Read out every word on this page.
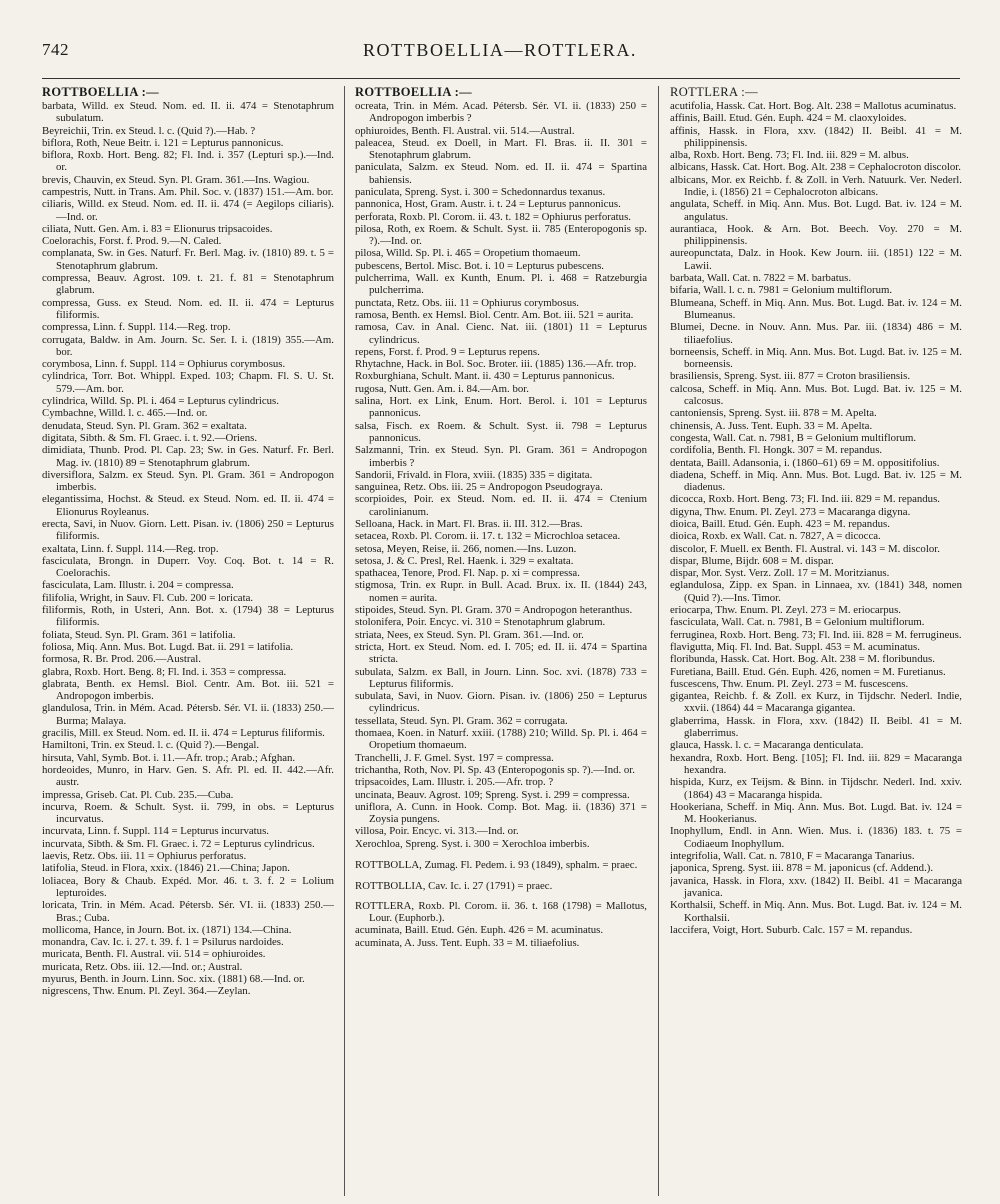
742	ROTTBOELLIA—ROTTLERA.
ROTTBOELLIA :—
barbata, Willd. ex Steud. Nom. ed. II. ii. 474 = Stenotaphrum subulatum.
Beyreichii, Trin. ex Steud. l. c. (Quid ?).—Hab. ?
biflora, Roth, Neue Beitr. i. 121 = Lepturus pannonicus.
biflora, Roxb. Hort. Beng. 82; Fl. Ind. i. 357 (Lepturi sp.).—Ind. or.
brevis, Chauvin, ex Steud. Syn. Pl. Gram. 361.—Ins. Wagiou.
campestris, Nutt. in Trans. Am. Phil. Soc. v. (1837) 151.—Am. bor.
ciliaris, Willd. ex Steud. Nom. ed. II. ii. 474 (= Aegilops ciliaris).—Ind. or.
ciliata, Nutt. Gen. Am. i. 83 = Elionurus tripsacoides.
Coelorachis, Forst. f. Prod. 9.—N. Caled.
complanata, Sw. in Ges. Naturf. Fr. Berl. Mag. iv. (1810) 89. t. 5 = Stenotaphrum glabrum.
compressa, Beauv. Agrost. 109. t. 21. f. 81 = Stenotaphrum glabrum.
compressa, Guss. ex Steud. Nom. ed. II. ii. 474 = Lepturus filiformis.
compressa, Linn. f. Suppl. 114.—Reg. trop.
corrugata, Baldw. in Am. Journ. Sc. Ser. I. i. (1819) 355.—Am. bor.
corymbosa, Linn. f. Suppl. 114 = Ophiurus corymbosus.
cylindrica, Torr. Bot. Whippl. Exped. 103; Chapm. Fl. S. U. St. 579.—Am. bor.
cylindrica, Willd. Sp. Pl. i. 464 = Lepturus cylindricus.
Cymbachne, Willd. l. c. 465.—Ind. or.
denudata, Steud. Syn. Pl. Gram. 362 = exaltata.
digitata, Sibth. & Sm. Fl. Graec. i. t. 92.—Oriens.
dimidiata, Thunb. Prod. Pl. Cap. 23; Sw. in Ges. Naturf. Fr. Berl. Mag. iv. (1810) 89 = Stenotaphrum glabrum.
diversiflora, Salzm. ex Steud. Syn. Pl. Gram. 361 = Andropogon imberbis.
elegantissima, Hochst. & Steud. ex Steud. Nom. ed. II. ii. 474 = Elionurus Royleanus.
erecta, Savi, in Nuov. Giorn. Lett. Pisan. iv. (1806) 250 = Lepturus filiformis.
exaltata, Linn. f. Suppl. 114.—Reg. trop.
fasciculata, Brongn. in Duperr. Voy. Coq. Bot. t. 14 = R. Coelorachis.
fasciculata, Lam. Illustr. i. 204 = compressa.
filifolia, Wright, in Sauv. Fl. Cub. 200 = loricata.
filiformis, Roth, in Usteri, Ann. Bot. x. (1794) 38 = Lepturus filiformis.
foliata, Steud. Syn. Pl. Gram. 361 = latifolia.
foliosa, Miq. Ann. Mus. Bot. Lugd. Bat. ii. 291 = latifolia.
formosa, R. Br. Prod. 206.—Austral.
glabra, Roxb. Hort. Beng. 8; Fl. Ind. i. 353 = compressa.
glabrata, Benth. ex Hemsl. Biol. Centr. Am. Bot. iii. 521 = Andropogon imberbis.
glandulosa, Trin. in Mém. Acad. Pétersb. Sér. VI. ii. (1833) 250.—Burma; Malaya.
gracilis, Mill. ex Steud. Nom. ed. II. ii. 474 = Lepturus filiformis.
Hamiltoni, Trin. ex Steud. l. c. (Quid ?).—Bengal.
hirsuta, Vahl, Symb. Bot. i. 11.—Afr. trop.; Arab.; Afghan.
hordeoides, Munro, in Harv. Gen. S. Afr. Pl. ed. II. 442.—Afr. austr.
impressa, Griseb. Cat. Pl. Cub. 235.—Cuba.
incurva, Roem. & Schult. Syst. ii. 799, in obs. = Lepturus incurvatus.
incurvata, Linn. f. Suppl. 114 = Lepturus incurvatus.
incurvata, Sibth. & Sm. Fl. Graec. i. 72 = Lepturus cylindricus.
laevis, Retz. Obs. iii. 11 = Ophiurus perforatus.
latifolia, Steud. in Flora, xxix. (1846) 21.—China; Japon.
loliacea, Bory & Chaub. Expéd. Mor. 46. t. 3. f. 2 = Lolium lepturoides.
loricata, Trin. in Mém. Acad. Pétersb. Sér. VI. ii. (1833) 250.—Bras.; Cuba.
mollicoma, Hance, in Journ. Bot. ix. (1871) 134.—China.
monandra, Cav. Ic. i. 27. t. 39. f. 1 = Psilurus nardoides.
muricata, Benth. Fl. Austral. vii. 514 = ophiuroides.
muricata, Retz. Obs. iii. 12.—Ind. or.; Austral.
myurus, Benth. in Journ. Linn. Soc. xix. (1881) 68.—Ind. or.
nigrescens, Thw. Enum. Pl. Zeyl. 364.—Zeylan.
ROTTBOELLIA :—
ocreata, Trin. in Mém. Acad. Pétersb. Sér. VI. ii. (1833) 250 = Andropogon imberbis ?
ophiuroides, Benth. Fl. Austral. vii. 514.—Austral.
paleacea, Steud. ex Doell, in Mart. Fl. Bras. ii. II. 301 = Stenotaphrum glabrum.
paniculata, Salzm. ex Steud. Nom. ed. II. ii. 474 = Spartina bahiensis.
paniculata, Spreng. Syst. i. 300 = Schedonnardus texanus.
pannonica, Host, Gram. Austr. i. t. 24 = Lepturus pannonicus.
perforata, Roxb. Pl. Corom. ii. 43. t. 182 = Ophiurus perforatus.
pilosa, Roth, ex Roem. & Schult. Syst. ii. 785 (Enteropogonis sp. ?).—Ind. or.
pilosa, Willd. Sp. Pl. i. 465 = Oropetium thomaeum.
pubescens, Bertol. Misc. Bot. i. 10 = Lepturus pubescens.
pulcherrima, Wall. ex Kunth, Enum. Pl. i. 468 = Ratzeburgia pulcherrima.
punctata, Retz. Obs. iii. 11 = Ophiurus corymbosus.
ramosa, Benth. ex Hemsl. Biol. Centr. Am. Bot. iii. 521 = aurita.
ramosa, Cav. in Anal. Cienc. Nat. iii. (1801) 11 = Lepturus cylindricus.
repens, Forst. f. Prod. 9 = Lepturus repens.
Rhytachne, Hack. in Bol. Soc. Broter. iii. (1885) 136.—Afr. trop.
Roxburghiana, Schult. Mant. ii. 430 = Lepturus pannonicus.
rugosa, Nutt. Gen. Am. i. 84.—Am. bor.
salina, Hort. ex Link, Enum. Hort. Berol. i. 101 = Lepturus pannonicus.
salsa, Fisch. ex Roem. & Schult. Syst. ii. 798 = Lepturus pannonicus.
Salzmanni, Trin. ex Steud. Syn. Pl. Gram. 361 = Andropogon imberbis ?
Sandorii, Frivald. in Flora, xviii. (1835) 335 = digitata.
sanguinea, Retz. Obs. iii. 25 = Andropogon Pseudograya.
scorpioides, Poir. ex Steud. Nom. ed. II. ii. 474 = Ctenium carolinianum.
Selloana, Hack. in Mart. Fl. Bras. ii. III. 312.—Bras.
setacea, Roxb. Pl. Corom. ii. 17. t. 132 = Microchloa setacea.
setosa, Meyen, Reise, ii. 266, nomen.—Ins. Luzon.
setosa, J. & C. Presl, Rel. Haenk. i. 329 = exaltata.
spathacea, Tenore, Prod. Fl. Nap. p. xi = compressa.
stigmosa, Trin. ex Rupr. in Bull. Acad. Brux. ix. II. (1844) 243, nomen = aurita.
stipoides, Steud. Syn. Pl. Gram. 370 = Andropogon heteranthus.
stolonifera, Poir. Encyc. vi. 310 = Stenotaphrum glabrum.
striata, Nees, ex Steud. Syn. Pl. Gram. 361.—Ind. or.
stricta, Hort. ex Steud. Nom. ed. I. 705; ed. II. ii. 474 = Spartina stricta.
subulata, Salzm. ex Ball, in Journ. Linn. Soc. xvi. (1878) 733 = Lepturus filiformis.
subulata, Savi, in Nuov. Giorn. Pisan. iv. (1806) 250 = Lepturus cylindricus.
tessellata, Steud. Syn. Pl. Gram. 362 = corrugata.
thomaea, Koen. in Naturf. xxiii. (1788) 210; Willd. Sp. Pl. i. 464 = Oropetium thomaeum.
Tranchelli, J. F. Gmel. Syst. 197 = compressa.
trichantha, Roth, Nov. Pl. Sp. 43 (Enteropogonis sp. ?).—Ind. or.
tripsacoides, Lam. Illustr. i. 205.—Afr. trop. ?
uncinata, Beauv. Agrost. 109; Spreng. Syst. i. 299 = compressa.
uniflora, A. Cunn. in Hook. Comp. Bot. Mag. ii. (1836) 371 = Zoysia pungens.
villosa, Poir. Encyc. vi. 313.—Ind. or.
Xerochloa, Spreng. Syst. i. 300 = Xerochloa imberbis.
ROTTBOLLA, Zumag. Fl. Pedem. i. 93 (1849), sphalm. = praec.
ROTTBOLLIA, Cav. Ic. i. 27 (1791) = praec.
ROTTLERA, Roxb. Pl. Corom. ii. 36. t. 168 (1798) = Mallotus, Lour. (Euphorb.).
acuminata, Baill. Etud. Gén. Euph. 426 = M. acuminatus.
acuminata, A. Juss. Tent. Euph. 33 = M. tiliaefolius.
ROTTLERA :—
acutifolia, Hassk. Cat. Hort. Bog. Alt. 238 = Mallotus acuminatus.
affinis, Baill. Etud. Gén. Euph. 424 = M. claoxyloides.
affinis, Hassk. in Flora, xxv. (1842) II. Beibl. 41 = M. philippinensis.
alba, Roxb. Hort. Beng. 73; Fl. Ind. iii. 829 = M. albus.
albicans, Hassk. Cat. Hort. Bog. Alt. 238 = Cephalocroton discolor.
albicans, Mor. ex Reichb. f. & Zoll. in Verh. Natuurk. Ver. Nederl. Indie, i. (1856) 21 = Cephalocroton albicans.
angulata, Scheff. in Miq. Ann. Mus. Bot. Lugd. Bat. iv. 124 = M. angulatus.
aurantiaca, Hook. & Arn. Bot. Beech. Voy. 270 = M. philippinensis.
aureopunctata, Dalz. in Hook. Kew Journ. iii. (1851) 122 = M. Lawii.
barbata, Wall. Cat. n. 7822 = M. barbatus.
bifaria, Wall. l. c. n. 7981 = Gelonium multiflorum.
Blumeana, Scheff. in Miq. Ann. Mus. Bot. Lugd. Bat. iv. 124 = M. Blumeanus.
Blumei, Decne. in Nouv. Ann. Mus. Par. iii. (1834) 486 = M. tiliaefolius.
borneensis, Scheff. in Miq. Ann. Mus. Bot. Lugd. Bat. iv. 125 = M. borneensis.
brasiliensis, Spreng. Syst. iii. 877 = Croton brasiliensis.
calcosa, Scheff. in Miq. Ann. Mus. Bot. Lugd. Bat. iv. 125 = M. calcosus.
cantoniensis, Spreng. Syst. iii. 878 = M. Apelta.
chinensis, A. Juss. Tent. Euph. 33 = M. Apelta.
congesta, Wall. Cat. n. 7981, B = Gelonium multiflorum.
cordifolia, Benth. Fl. Hongk. 307 = M. repandus.
dentata, Baill. Adansonia, i. (1860–61) 69 = M. oppositifolius.
diadena, Scheff. in Miq. Ann. Mus. Bot. Lugd. Bat. iv. 125 = M. diadenus.
dicocca, Roxb. Hort. Beng. 73; Fl. Ind. iii. 829 = M. repandus.
digyna, Thw. Enum. Pl. Zeyl. 273 = Macaranga digyna.
dioica, Baill. Etud. Gén. Euph. 423 = M. repandus.
dioica, Roxb. ex Wall. Cat. n. 7827, A = dicocca.
discolor, F. Muell. ex Benth. Fl. Austral. vi. 143 = M. discolor.
dispar, Blume, Bijdr. 608 = M. dispar.
dispar, Mor. Syst. Verz. Zoll. 17 = M. Moritzianus.
eglandulosa, Zipp. ex Span. in Linnaea, xv. (1841) 348, nomen (Quid ?).—Ins. Timor.
eriocarpa, Thw. Enum. Pl. Zeyl. 273 = M. eriocarpus.
fasciculata, Wall. Cat. n. 7981, B = Gelonium multiflorum.
ferruginea, Roxb. Hort. Beng. 73; Fl. Ind. iii. 828 = M. ferrugineus.
flavigutta, Miq. Fl. Ind. Bat. Suppl. 453 = M. acuminatus.
floribunda, Hassk. Cat. Hort. Bog. Alt. 238 = M. floribundus.
Furetiana, Baill. Etud. Gén. Euph. 426, nomen = M. Furetianus.
fuscescens, Thw. Enum. Pl. Zeyl. 273 = M. fuscescens.
gigantea, Reichb. f. & Zoll. ex Kurz, in Tijdschr. Nederl. Indie, xxvii. (1864) 44 = Macaranga gigantea.
glaberrima, Hassk. in Flora, xxv. (1842) II. Beibl. 41 = M. glaberrimus.
glauca, Hassk. l. c. = Macaranga denticulata.
hexandra, Roxb. Hort. Beng. [105]; Fl. Ind. iii. 829 = Macaranga hexandra.
hispida, Kurz, ex Teijsm. & Binn. in Tijdschr. Nederl. Ind. xxiv. (1864) 43 = Macaranga hispida.
Hookeriana, Scheff. in Miq. Ann. Mus. Bot. Lugd. Bat. iv. 124 = M. Hookerianus.
Inophyllum, Endl. in Ann. Wien. Mus. i. (1836) 183. t. 75 = Codiaeum Inophyllum.
integrifolia, Wall. Cat. n. 7810, F = Macaranga Tanarius.
japonica, Spreng. Syst. iii. 878 = M. japonicus (cf. Addend.).
javanica, Hassk. in Flora, xxv. (1842) II. Beibl. 41 = Macaranga javanica.
Korthalsii, Scheff. in Miq. Ann. Mus. Bot. Lugd. Bat. iv. 124 = M. Korthalsii.
laccifera, Voigt, Hort. Suburb. Calc. 157 = M. repandus.
